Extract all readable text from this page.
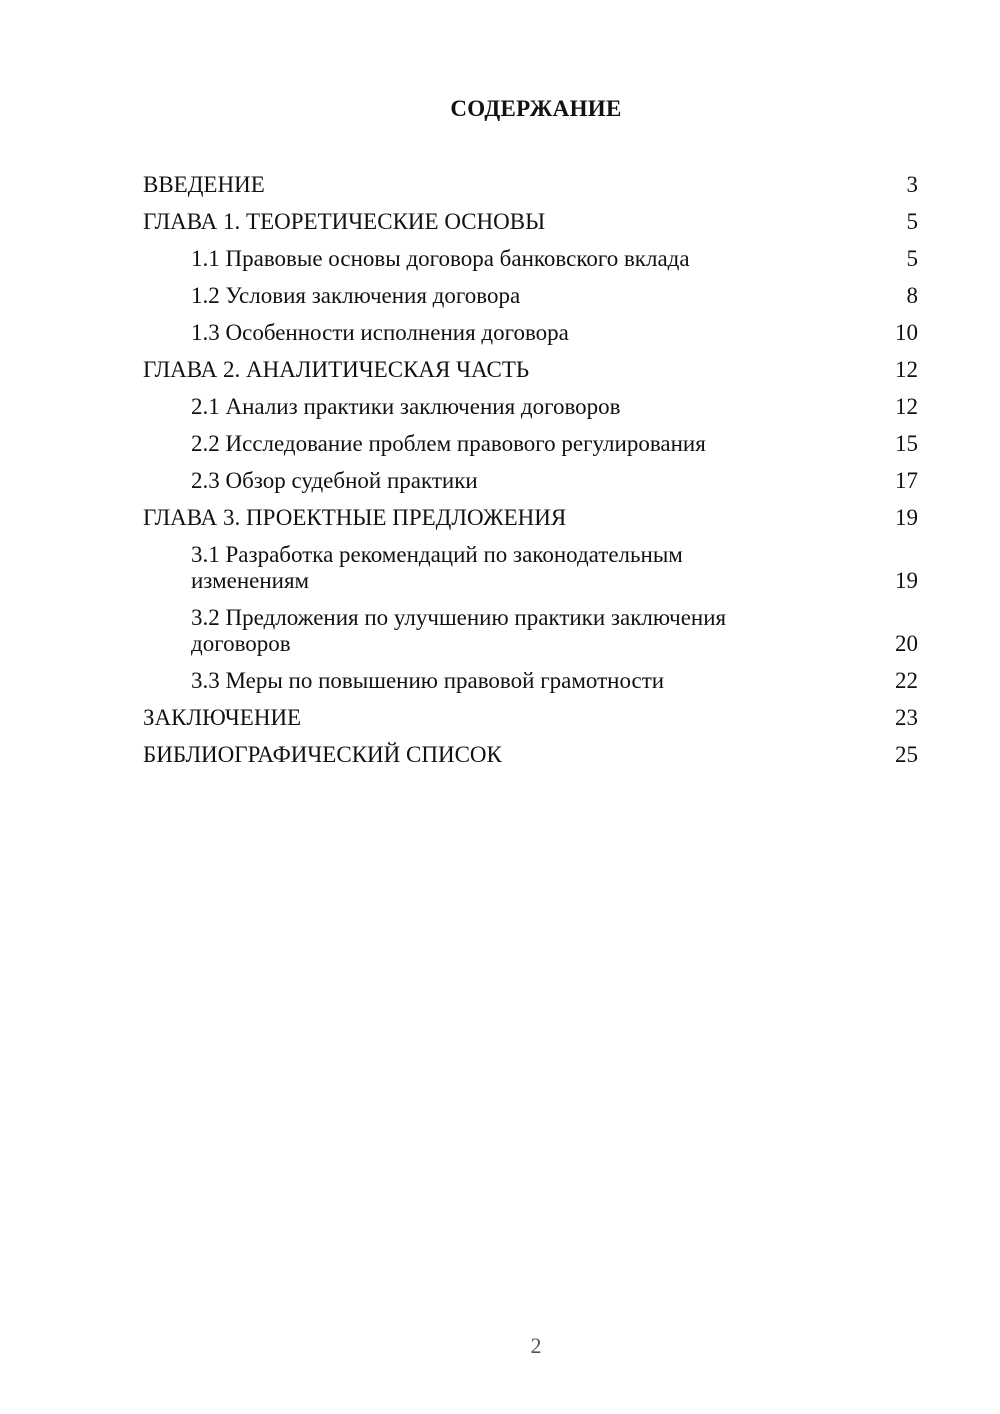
СОДЕРЖАНИЕ
ВВЕДЕНИЕ	3
ГЛАВА 1. ТЕОРЕТИЧЕСКИЕ ОСНОВЫ	5
1.1 Правовые основы договора банковского вклада	5
1.2 Условия заключения договора	8
1.3 Особенности исполнения договора	10
ГЛАВА 2. АНАЛИТИЧЕСКАЯ ЧАСТЬ	12
2.1 Анализ практики заключения договоров	12
2.2 Исследование проблем правового регулирования	15
2.3 Обзор судебной практики	17
ГЛАВА 3. ПРОЕКТНЫЕ ПРЕДЛОЖЕНИЯ	19
3.1 Разработка рекомендаций по законодательным изменениям	19
3.2 Предложения по улучшению практики заключения договоров	20
3.3 Меры по повышению правовой грамотности	22
ЗАКЛЮЧЕНИЕ	23
БИБЛИОГРАФИЧЕСКИЙ СПИСОК	25
2
